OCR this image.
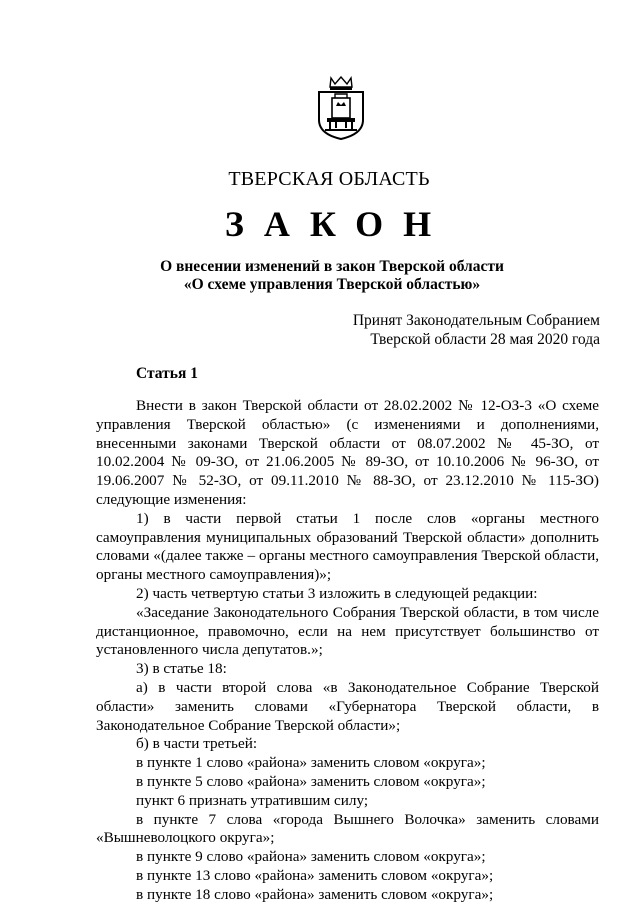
ТВЕРСКАЯ ОБЛАСТЬ
ЗАКОН
О внесении изменений в закон Тверской области
«О схеме управления Тверской областью»
Принят Законодательным Собранием
Тверской области 28 мая 2020 года
Статья 1

Внести в закон Тверской области от 28.02.2002 № 12-ОЗ-3 «О схеме управления Тверской областью» (с изменениями и дополнениями, внесенными законами Тверской области от 08.07.2002 № 45-ЗО, от 10.02.2004 № 09-ЗО, от 21.06.2005 № 89-ЗО, от 10.10.2006 № 96-ЗО, от 19.06.2007 № 52-ЗО, от 09.11.2010 № 88-ЗО, от 23.12.2010 № 115-ЗО) следующие изменения:

1) в части первой статьи 1 после слов «органы местного самоуправления муниципальных образований Тверской области» дополнить словами «(далее также – органы местного самоуправления Тверской области, органы местного самоуправления)»;

2) часть четвертую статьи 3 изложить в следующей редакции:

«Заседание Законодательного Собрания Тверской области, в том числе дистанционное, правомочно, если на нем присутствует большинство от установленного числа депутатов.»;

3) в статье 18:

а) в части второй слова «в Законодательное Собрание Тверской области» заменить словами «Губернатора Тверской области, в Законодательное Собрание Тверской области»;

б) в части третьей:

в пункте 1 слово «района» заменить словом «округа»;

в пункте 5 слово «района» заменить словом «округа»;

пункт 6 признать утратившим силу;

в пункте 7 слова «города Вышнего Волочка» заменить словами «Вышневолоцкого округа»;

в пункте 9 слово «района» заменить словом «округа»;

в пункте 13 слово «района» заменить словом «округа»;

в пункте 18 слово «района» заменить словом «округа»;
